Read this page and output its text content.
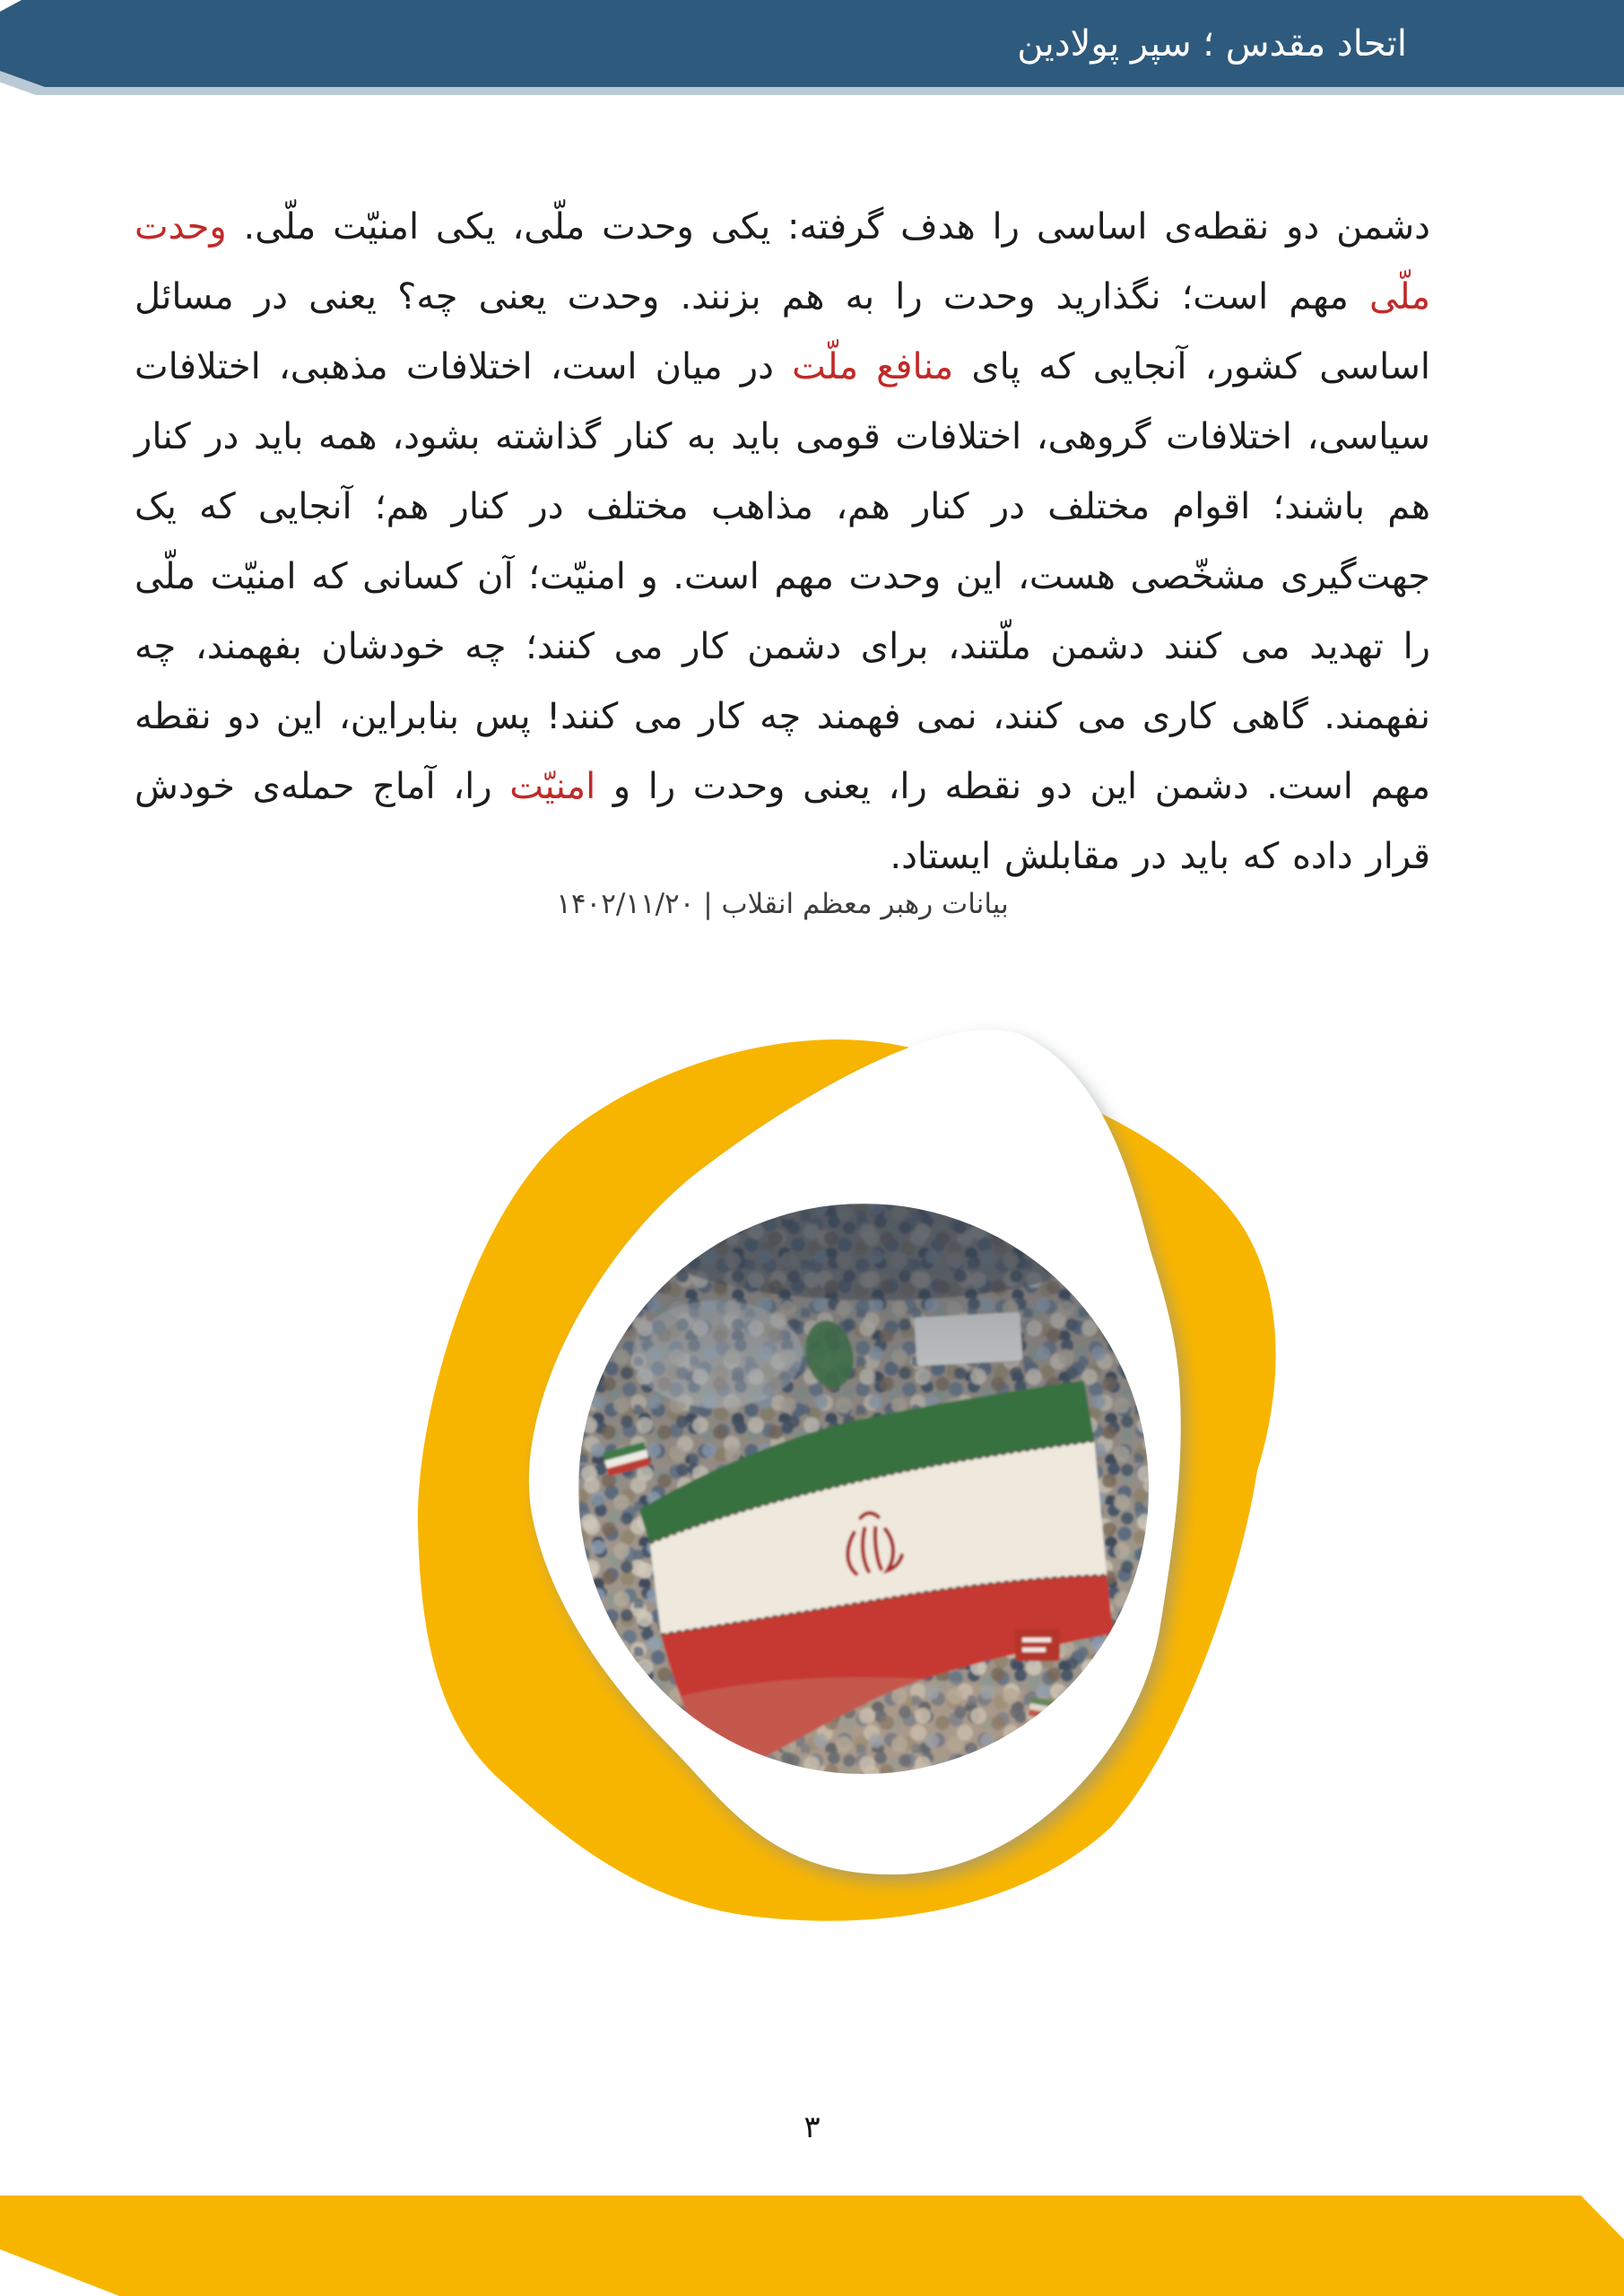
اتحاد مقدس ؛ سپر پولادین
دشمن دو نقطه‌ی اساسی را هدف گرفته: یکی وحدت ملّی، یکی امنیّت ملّی. وحدت ملّی مهم است؛ نگذارید وحدت را به هم بزنند. وحدت یعنی چه؟ یعنی در مسائل اساسی کشور، آنجایی که پای منافع ملّت در میان است، اختلافات مذهبی، اختلافات سیاسی، اختلافات گروهی، اختلافات قومی باید به کنار گذاشته بشود، همه باید در کنار هم باشند؛ اقوام مختلف در کنار هم، مذاهب مختلف در کنار هم؛ آنجایی که یک جهت‌گیری مشخّصی هست، این وحدت مهم است. و امنیّت؛ آن کسانی که امنیّت ملّی را تهدید می کنند دشمن ملّتند، برای دشمن کار می کنند؛ چه خودشان بفهمند، چه نفهمند. گاهی کاری می کنند، نمی فهمند چه کار می کنند! پس بنابراین، این دو نقطه مهم است. دشمن این دو نقطه را، یعنی وحدت را و امنیّت را، آماج حمله‌ی خودش قرار داده که باید در مقابلش ایستاد.
بیانات رهبر معظم انقلاب | ۱۴۰۲/۱۱/۲۰
۳
